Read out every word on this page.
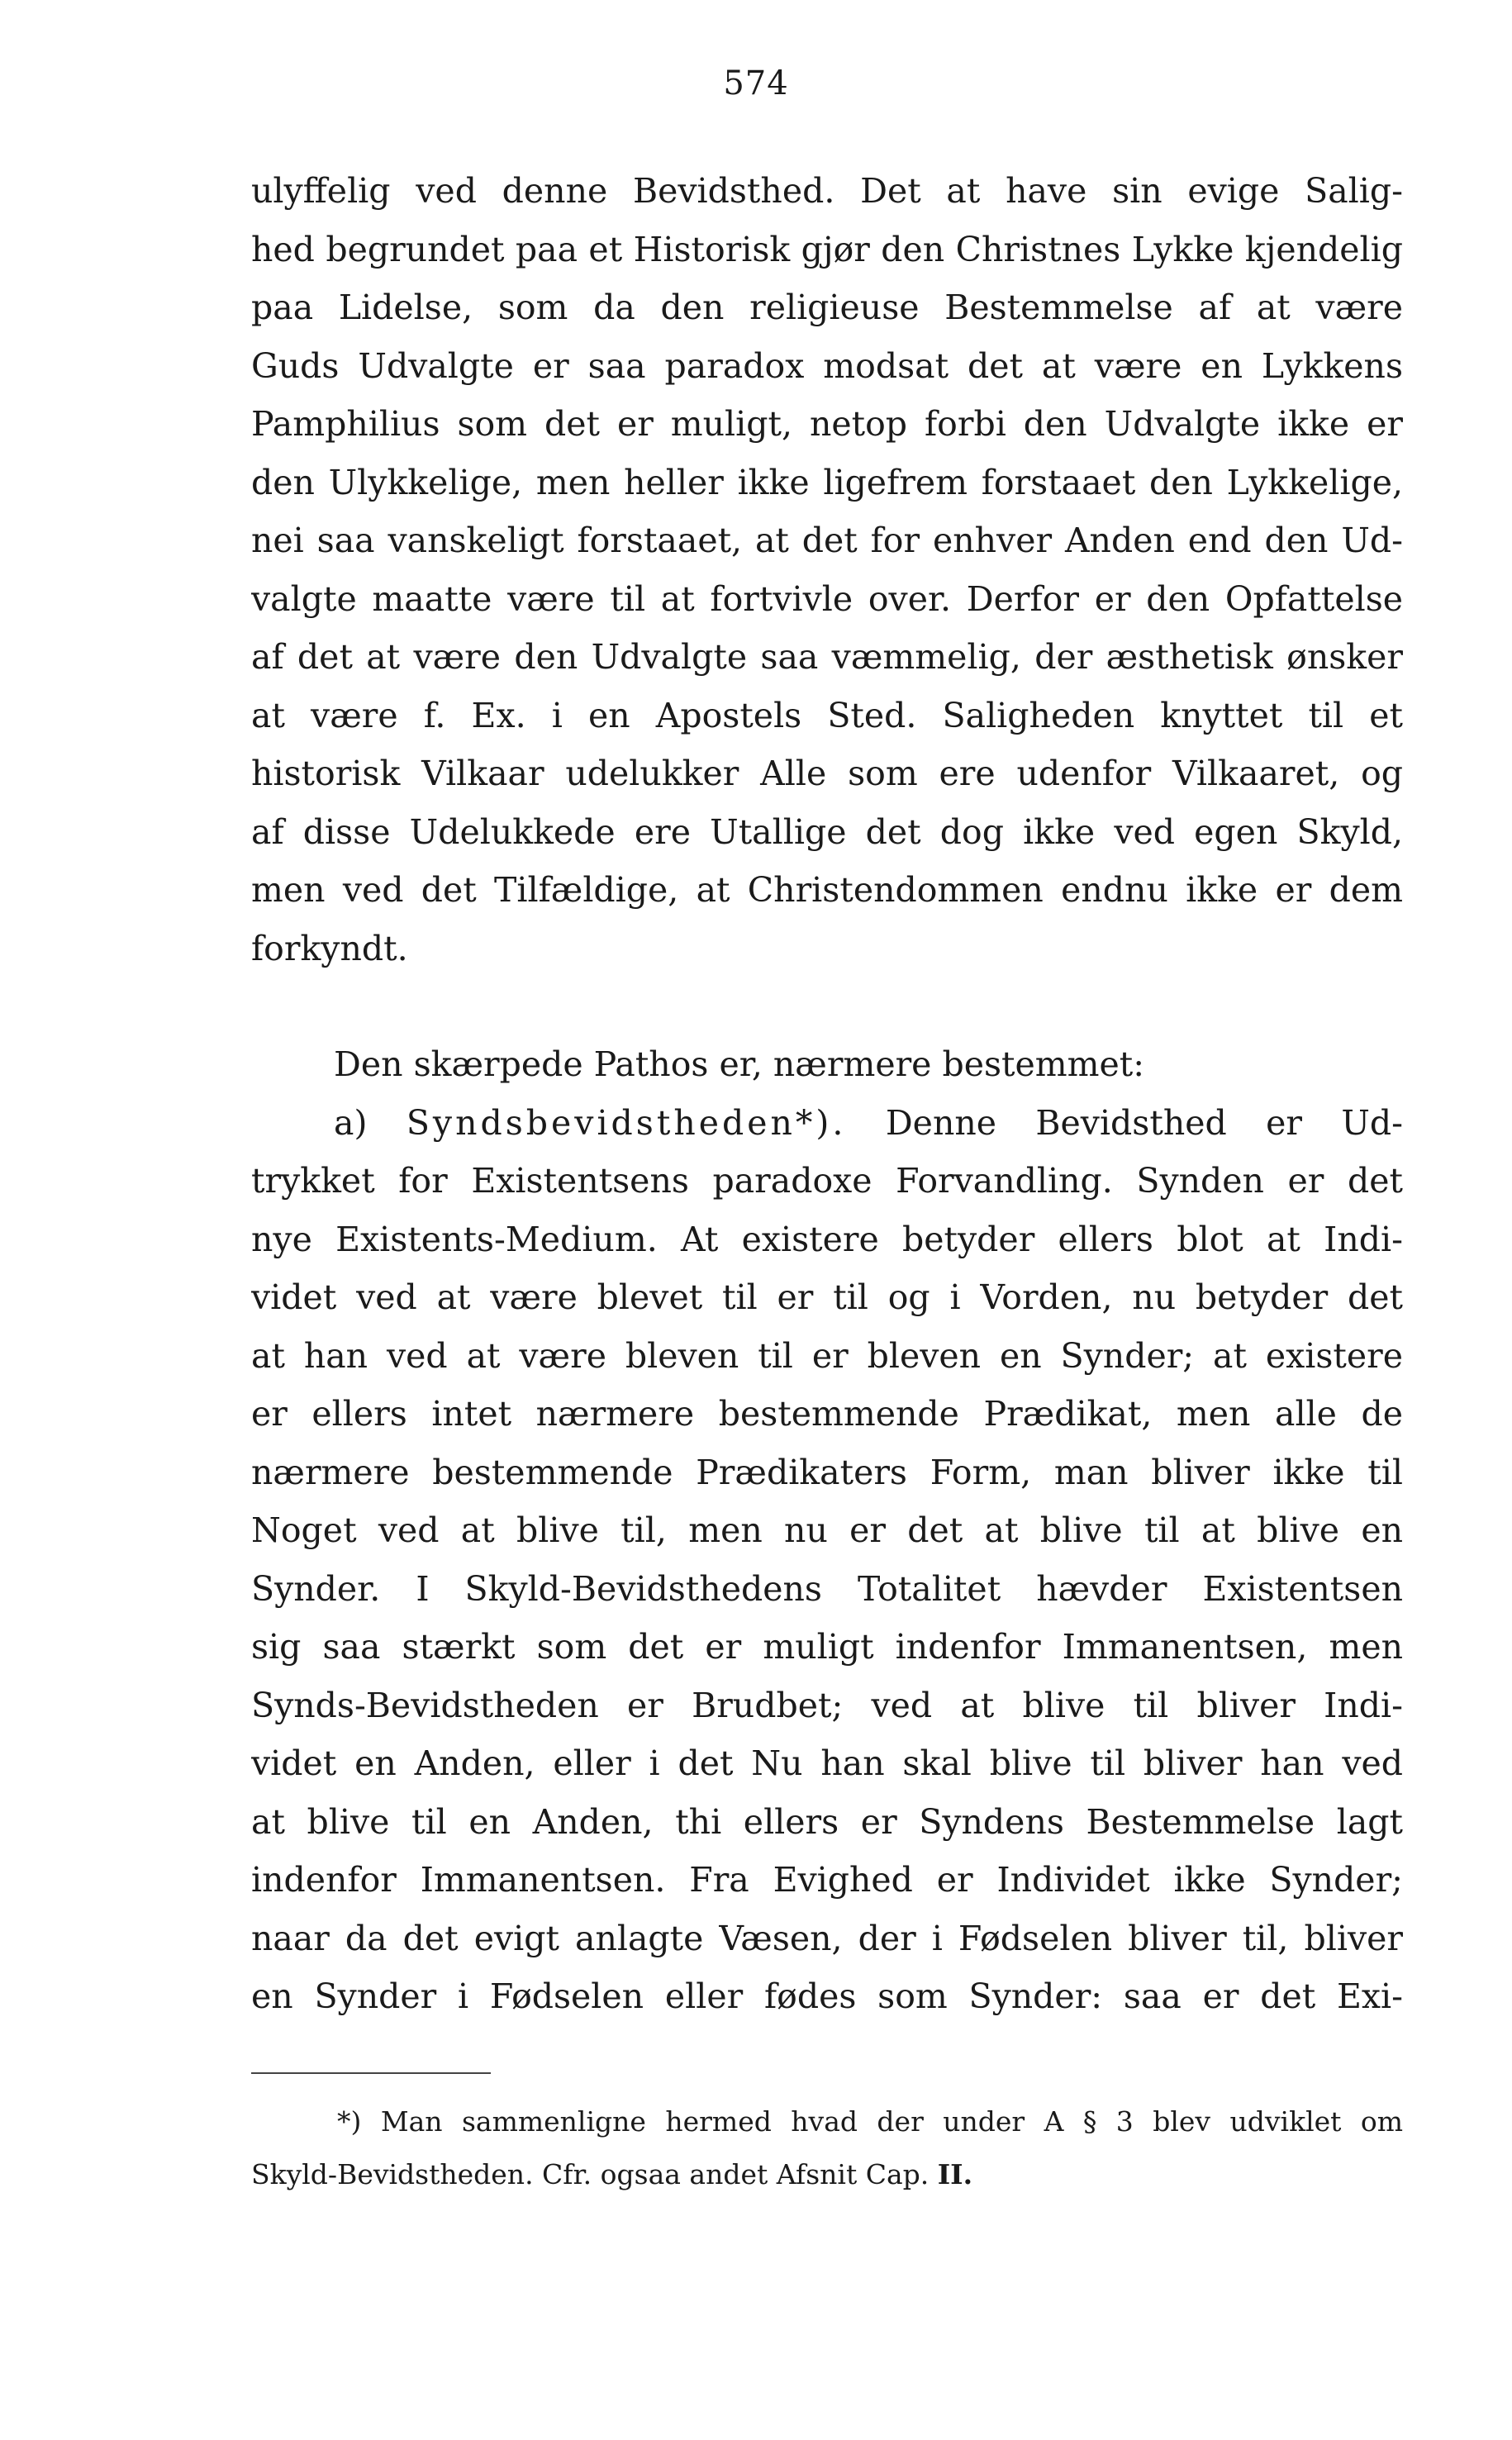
574
ulyffelig ved denne Bevidsthed. Det at have sin evige Salig-
hed begrundet paa et Historisk gjør den Christnes Lykke kjendelig
paa Lidelse, som da den religieuse Bestemmelse af at være
Guds Udvalgte er saa paradox modsat det at være en Lykkens
Pamphilius som det er muligt, netop forbi den Udvalgte ikke er
den Ulykkelige, men heller ikke ligefrem forstaaet den Lykkelige,
nei saa vanskeligt forstaaet, at det for enhver Anden end den Ud-
valgte maatte være til at fortvivle over. Derfor er den Opfattelse
af det at være den Udvalgte saa væmmelig, der æsthetisk ønsker
at være f. Ex. i en Apostels Sted. Saligheden knyttet til et
historisk Vilkaar udelukker Alle som ere udenfor Vilkaaret, og
af disse Udelukkede ere Utallige det dog ikke ved egen Skyld,
men ved det Tilfældige, at Christendommen endnu ikke er dem
forkyndt.
Den skærpede Pathos er, nærmere bestemmet:
a) Syndsbevidstheden*). Denne Bevidsthed er Ud-
trykket for Existentsens paradoxe Forvandling. Synden er det
nye Existents-Medium. At existere betyder ellers blot at Indi-
videt ved at være blevet til er til og i Vorden, nu betyder det
at han ved at være bleven til er bleven en Synder; at existere
er ellers intet nærmere bestemmende Prædikat, men alle de
nærmere bestemmende Prædikaters Form, man bliver ikke til
Noget ved at blive til, men nu er det at blive til at blive en
Synder. I Skyld-Bevidsthedens Totalitet hævder Existentsen
sig saa stærkt som det er muligt indenfor Immanentsen, men
Synds-Bevidstheden er Brudbet; ved at blive til bliver Indi-
videt en Anden, eller i det Nu han skal blive til bliver han ved
at blive til en Anden, thi ellers er Syndens Bestemmelse lagt
indenfor Immanentsen. Fra Evighed er Individet ikke Synder;
naar da det evigt anlagte Væsen, der i Fødselen bliver til, bliver
en Synder i Fødselen eller fødes som Synder: saa er det Exi-
*) Man sammenligne hermed hvad der under A § 3 blev udviklet om
Skyld-Bevidstheden. Cfr. ogsaa andet Afsnit Cap. II.
